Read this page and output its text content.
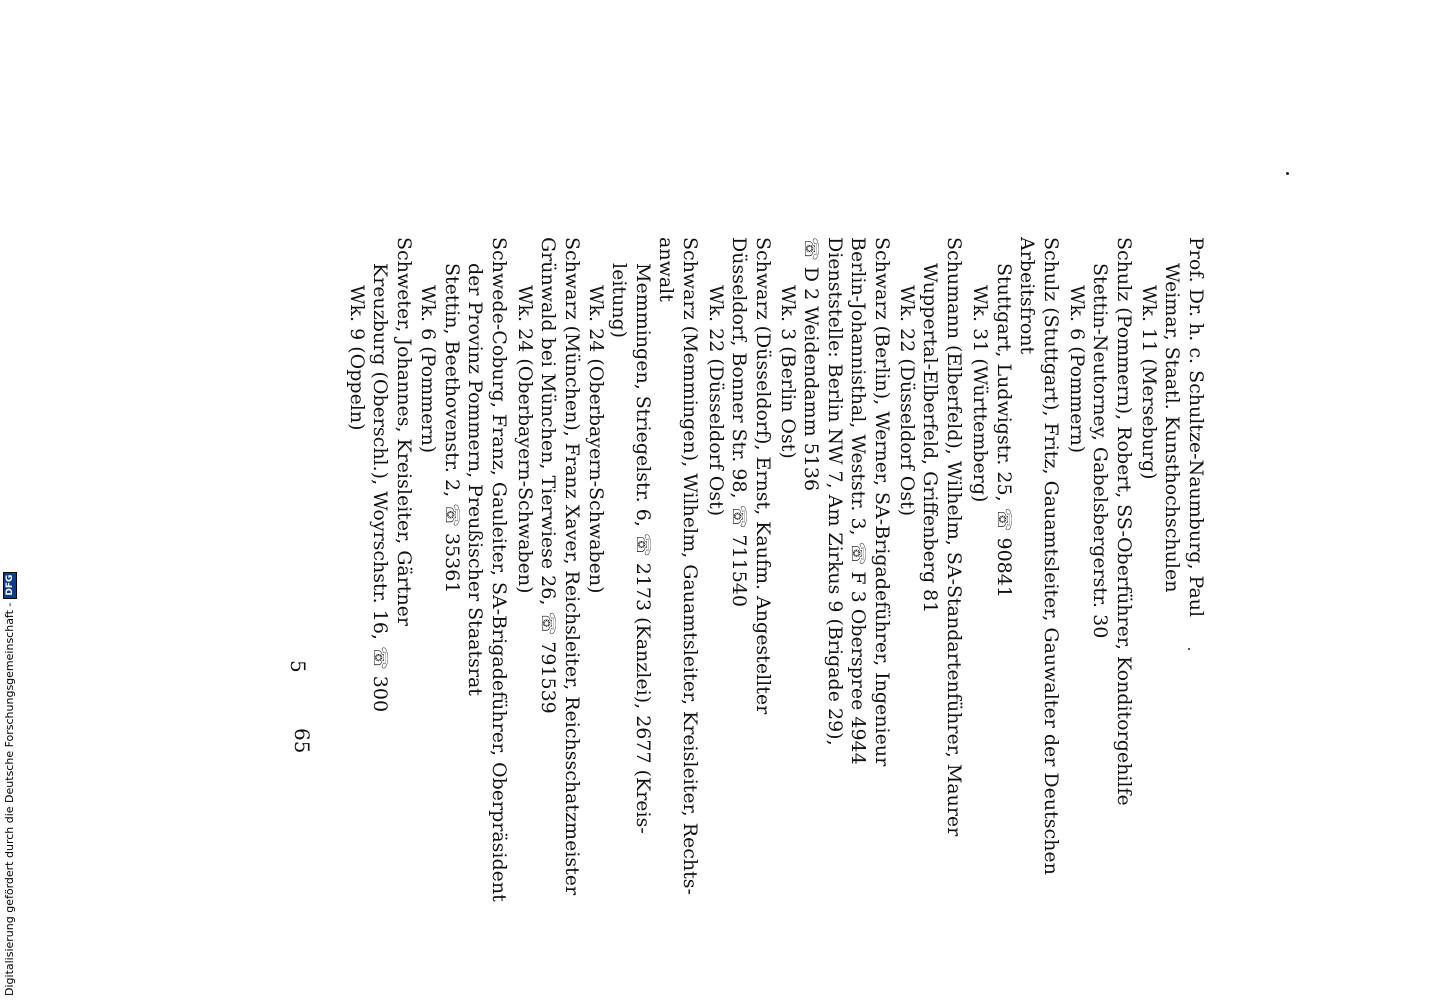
Prof. Dr. h. c. Schultze-Naumburg, Paul
Weimar, Staatl. Kunsthochschulen
Wk. 11 (Merseburg)
Schulz (Pommern), Robert, SS-Oberführer, Konditorgehilfe
Stettin-Neutorney, Gabelsbergerstr. 30
Wk. 6 (Pommern)
Schulz (Stuttgart), Fritz, Gauamtsleiter, Gauwalter der Deutschen
Arbeitsfront
Stuttgart, Ludwigstr. 25, ☏ 90841
Wk. 31 (Württemberg)
Schumann (Elberfeld), Wilhelm, SA-Standartenführer, Maurer
Wuppertal-Elberfeld, Griffenberg 81
Wk. 22 (Düsseldorf Ost)
Schwarz (Berlin), Werner, SA-Brigadeführer, Ingenieur
Berlin-Johannisthal, Weststr. 3, ☏ F 3 Oberspree 4944
Dienststelle: Berlin NW 7, Am Zirkus 9 (Brigade 29),
☏ D 2 Weidendamm 5136
Wk. 3 (Berlin Ost)
Schwarz (Düsseldorf), Ernst, Kaufm. Angestellter
Düsseldorf, Bonner Str. 98, ☏ 711540
Wk. 22 (Düsseldorf Ost)
Schwarz (Memmingen), Wilhelm, Gauamtsleiter, Kreisleiter, Rechts-
anwalt
Memmingen, Striegelstr. 6, ☏ 2173 (Kanzlei), 2677 (Kreis-
leitung)
Wk. 24 (Oberbayern-Schwaben)
Schwarz (München), Franz Xaver, Reichsleiter, Reichsschatzmeister
Grünwald bei München, Tierwiese 26, ☏ 791539
Wk. 24 (Oberbayern-Schwaben)
Schwede-Coburg, Franz, Gauleiter, SA-Brigadeführer, Oberpräsident
der Provinz Pommern, Preußischer Staatsrat
Stettin, Beethovenstr. 2, ☏ 35361
Wk. 6 (Pommern)
Schweter, Johannes, Kreisleiter, Gärtner
Kreuzburg (Oberschl.), Woyrschstr. 16, ☏ 300
Wk. 9 (Oppeln)
5
65
Digitalisierung gefördert durch die Deutsche Forschungsgemeinschaft -
DFG
